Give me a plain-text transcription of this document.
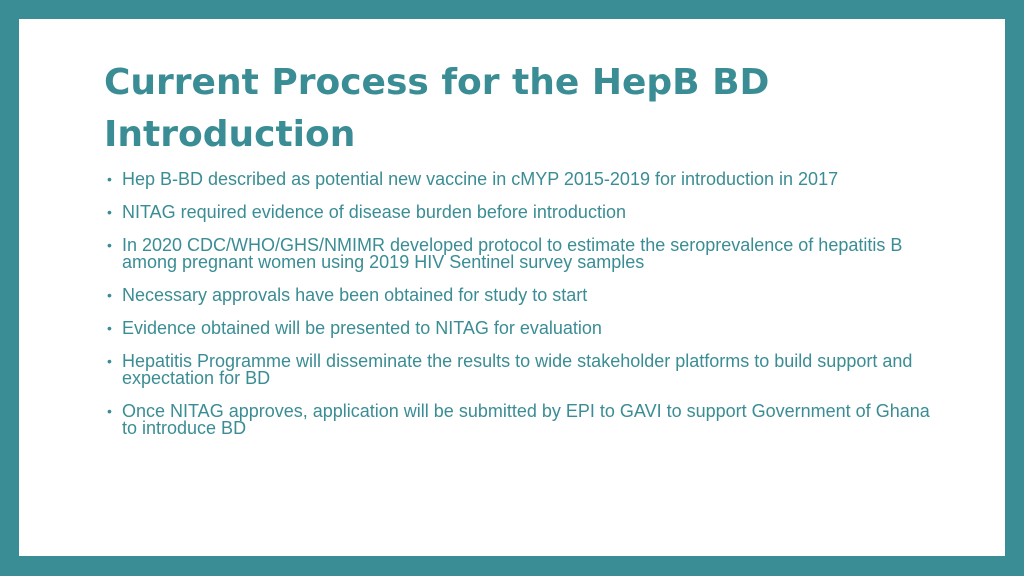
Current Process for the HepB BD Introduction
• Hep B-BD described as potential new vaccine in cMYP 2015-2019 for introduction in 2017
• NITAG required evidence of disease burden before introduction
• In 2020 CDC/WHO/GHS/NMIMR developed protocol to estimate the seroprevalence of hepatitis B among pregnant women using 2019 HIV Sentinel survey samples
• Necessary approvals have been obtained for study to start
• Evidence obtained will be presented to NITAG for evaluation
• Hepatitis Programme will disseminate the results to wide stakeholder platforms to build support and expectation for BD
• Once NITAG approves, application will be submitted by EPI to GAVI to support Government of Ghana to introduce BD
